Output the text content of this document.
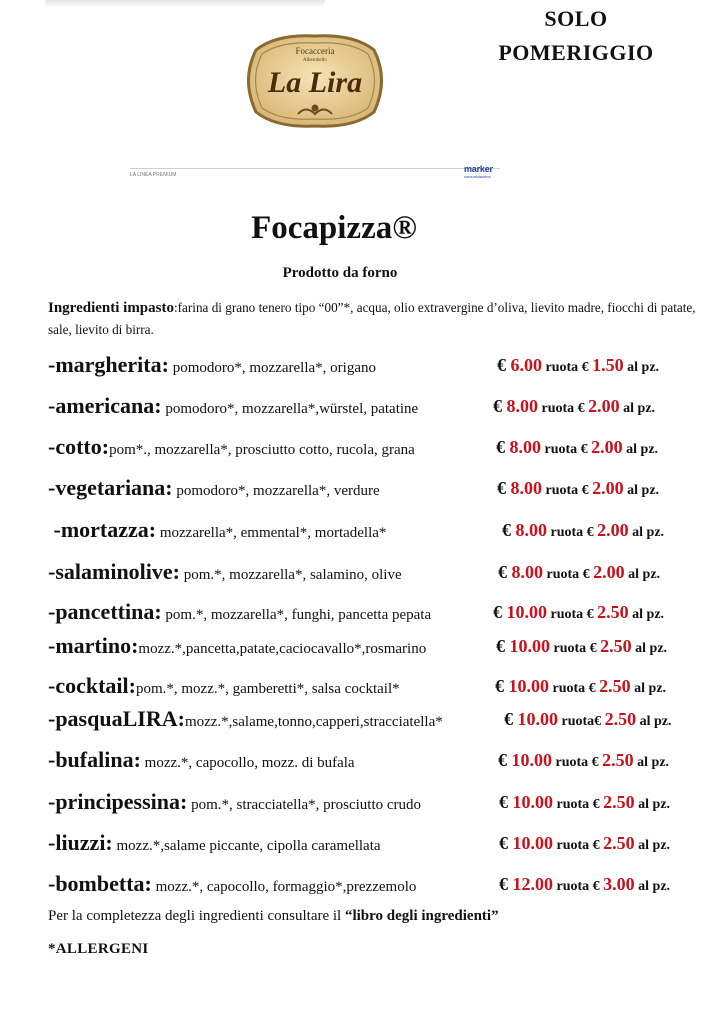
SOLO
POMERIGGIO
Focacceria
Alberobello
La Lira
LA LINEA PREMIUM
marker
comunicazione
Focapizza®
Prodotto da forno
Ingredienti impasto:farina di grano tenero tipo “00”*, acqua, olio extravergine d’oliva, lievito madre, fiocchi di patate, sale, lievito di birra.
-margherita: pomodoro*, mozzarella*, origano	€ 6.00 ruota € 1.50 al pz.
-americana: pomodoro*, mozzarella*,würstel, patatine	€ 8.00 ruota € 2.00 al pz.
-cotto:pom*., mozzarella*, prosciutto cotto, rucola, grana	€ 8.00 ruota € 2.00 al pz.
-vegetariana: pomodoro*, mozzarella*, verdure	€ 8.00 ruota € 2.00 al pz.
-mortazza: mozzarella*, emmental*, mortadella*	€ 8.00 ruota € 2.00 al pz.
-salaminolive: pom.*, mozzarella*, salamino, olive	€ 8.00 ruota € 2.00 al pz.
-pancettina: pom.*, mozzarella*, funghi, pancetta pepata	€ 10.00 ruota € 2.50 al pz.
-martino:mozz.*,pancetta,patate,caciocavallo*,rosmarino	€ 10.00 ruota € 2.50 al pz.
-cocktail:pom.*, mozz.*, gamberetti*, salsa cocktail*	€ 10.00 ruota € 2.50 al pz.
-pasquaLIRA:mozz.*,salame,tonno,capperi,stracciatella*	€ 10.00 ruota€ 2.50 al pz.
-bufalina: mozz.*, capocollo, mozz. di bufala	€ 10.00 ruota € 2.50 al pz.
-principessina: pom.*, stracciatella*, prosciutto crudo	€ 10.00 ruota € 2.50 al pz.
-liuzzi: mozz.*,salame piccante, cipolla caramellata	€ 10.00 ruota € 2.50 al pz.
-bombetta: mozz.*, capocollo, formaggio*,prezzemolo	€ 12.00 ruota € 3.00 al pz.
Per la completezza degli ingredienti consultare il “libro degli ingredienti”
*ALLERGENI
